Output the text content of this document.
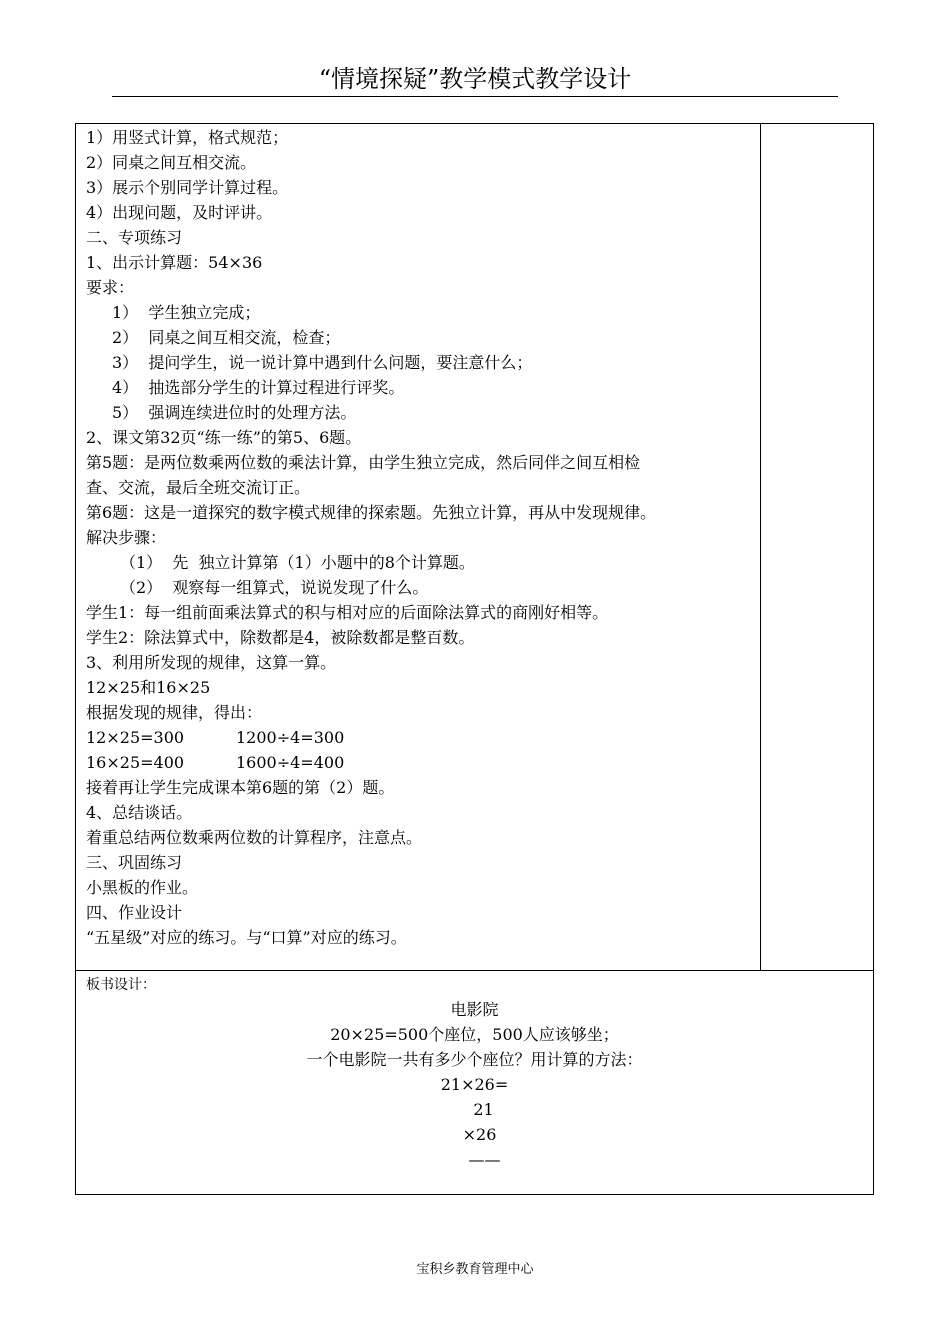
“情境探疑”教学模式教学设计
1）用竖式计算，格式规范；
2）同桌之间互相交流。
3）展示个别同学计算过程。
4）出现问题，及时评讲。
二、专项练习
1、出示计算题：54×36
要求：
1）  学生独立完成；
2）  同桌之间互相交流，检查；
3）  提问学生，说一说计算中遇到什么问题，要注意什么；
4）  抽选部分学生的计算过程进行评奖。
5）  强调连续进位时的处理方法。
2、课文第32页“练一练”的第5、6题。
第5题：是两位数乘两位数的乘法计算，由学生独立完成，然后同伴之间互相检
查、交流，最后全班交流订正。
第6题：这是一道探究的数字模式规律的探索题。先独立计算，再从中发现规律。
解决步骤：
（1）  先  独立计算第（1）小题中的8个计算题。
（2）  观察每一组算式，说说发现了什么。
学生1：每一组前面乘法算式的积与相对应的后面除法算式的商刚好相等。
学生2：除法算式中，除数都是4，被除数都是整百数。
3、利用所发现的规律，这算一算。
12×25和16×25
根据发现的规律，得出：
12×25=300	1200÷4=300
16×25=400	1600÷4=400
接着再让学生完成课本第6题的第（2）题。
4、总结谈话。
着重总结两位数乘两位数的计算程序，注意点。
三、巩固练习
小黑板的作业。
四、作业设计
“五星级”对应的练习。与“口算”对应的练习。
板书设计：
电影院
20×25=500个座位，500人应该够坐；
一个电影院一共有多少个座位？用计算的方法：
21×26=
21
×26
——
宝积乡教育管理中心
